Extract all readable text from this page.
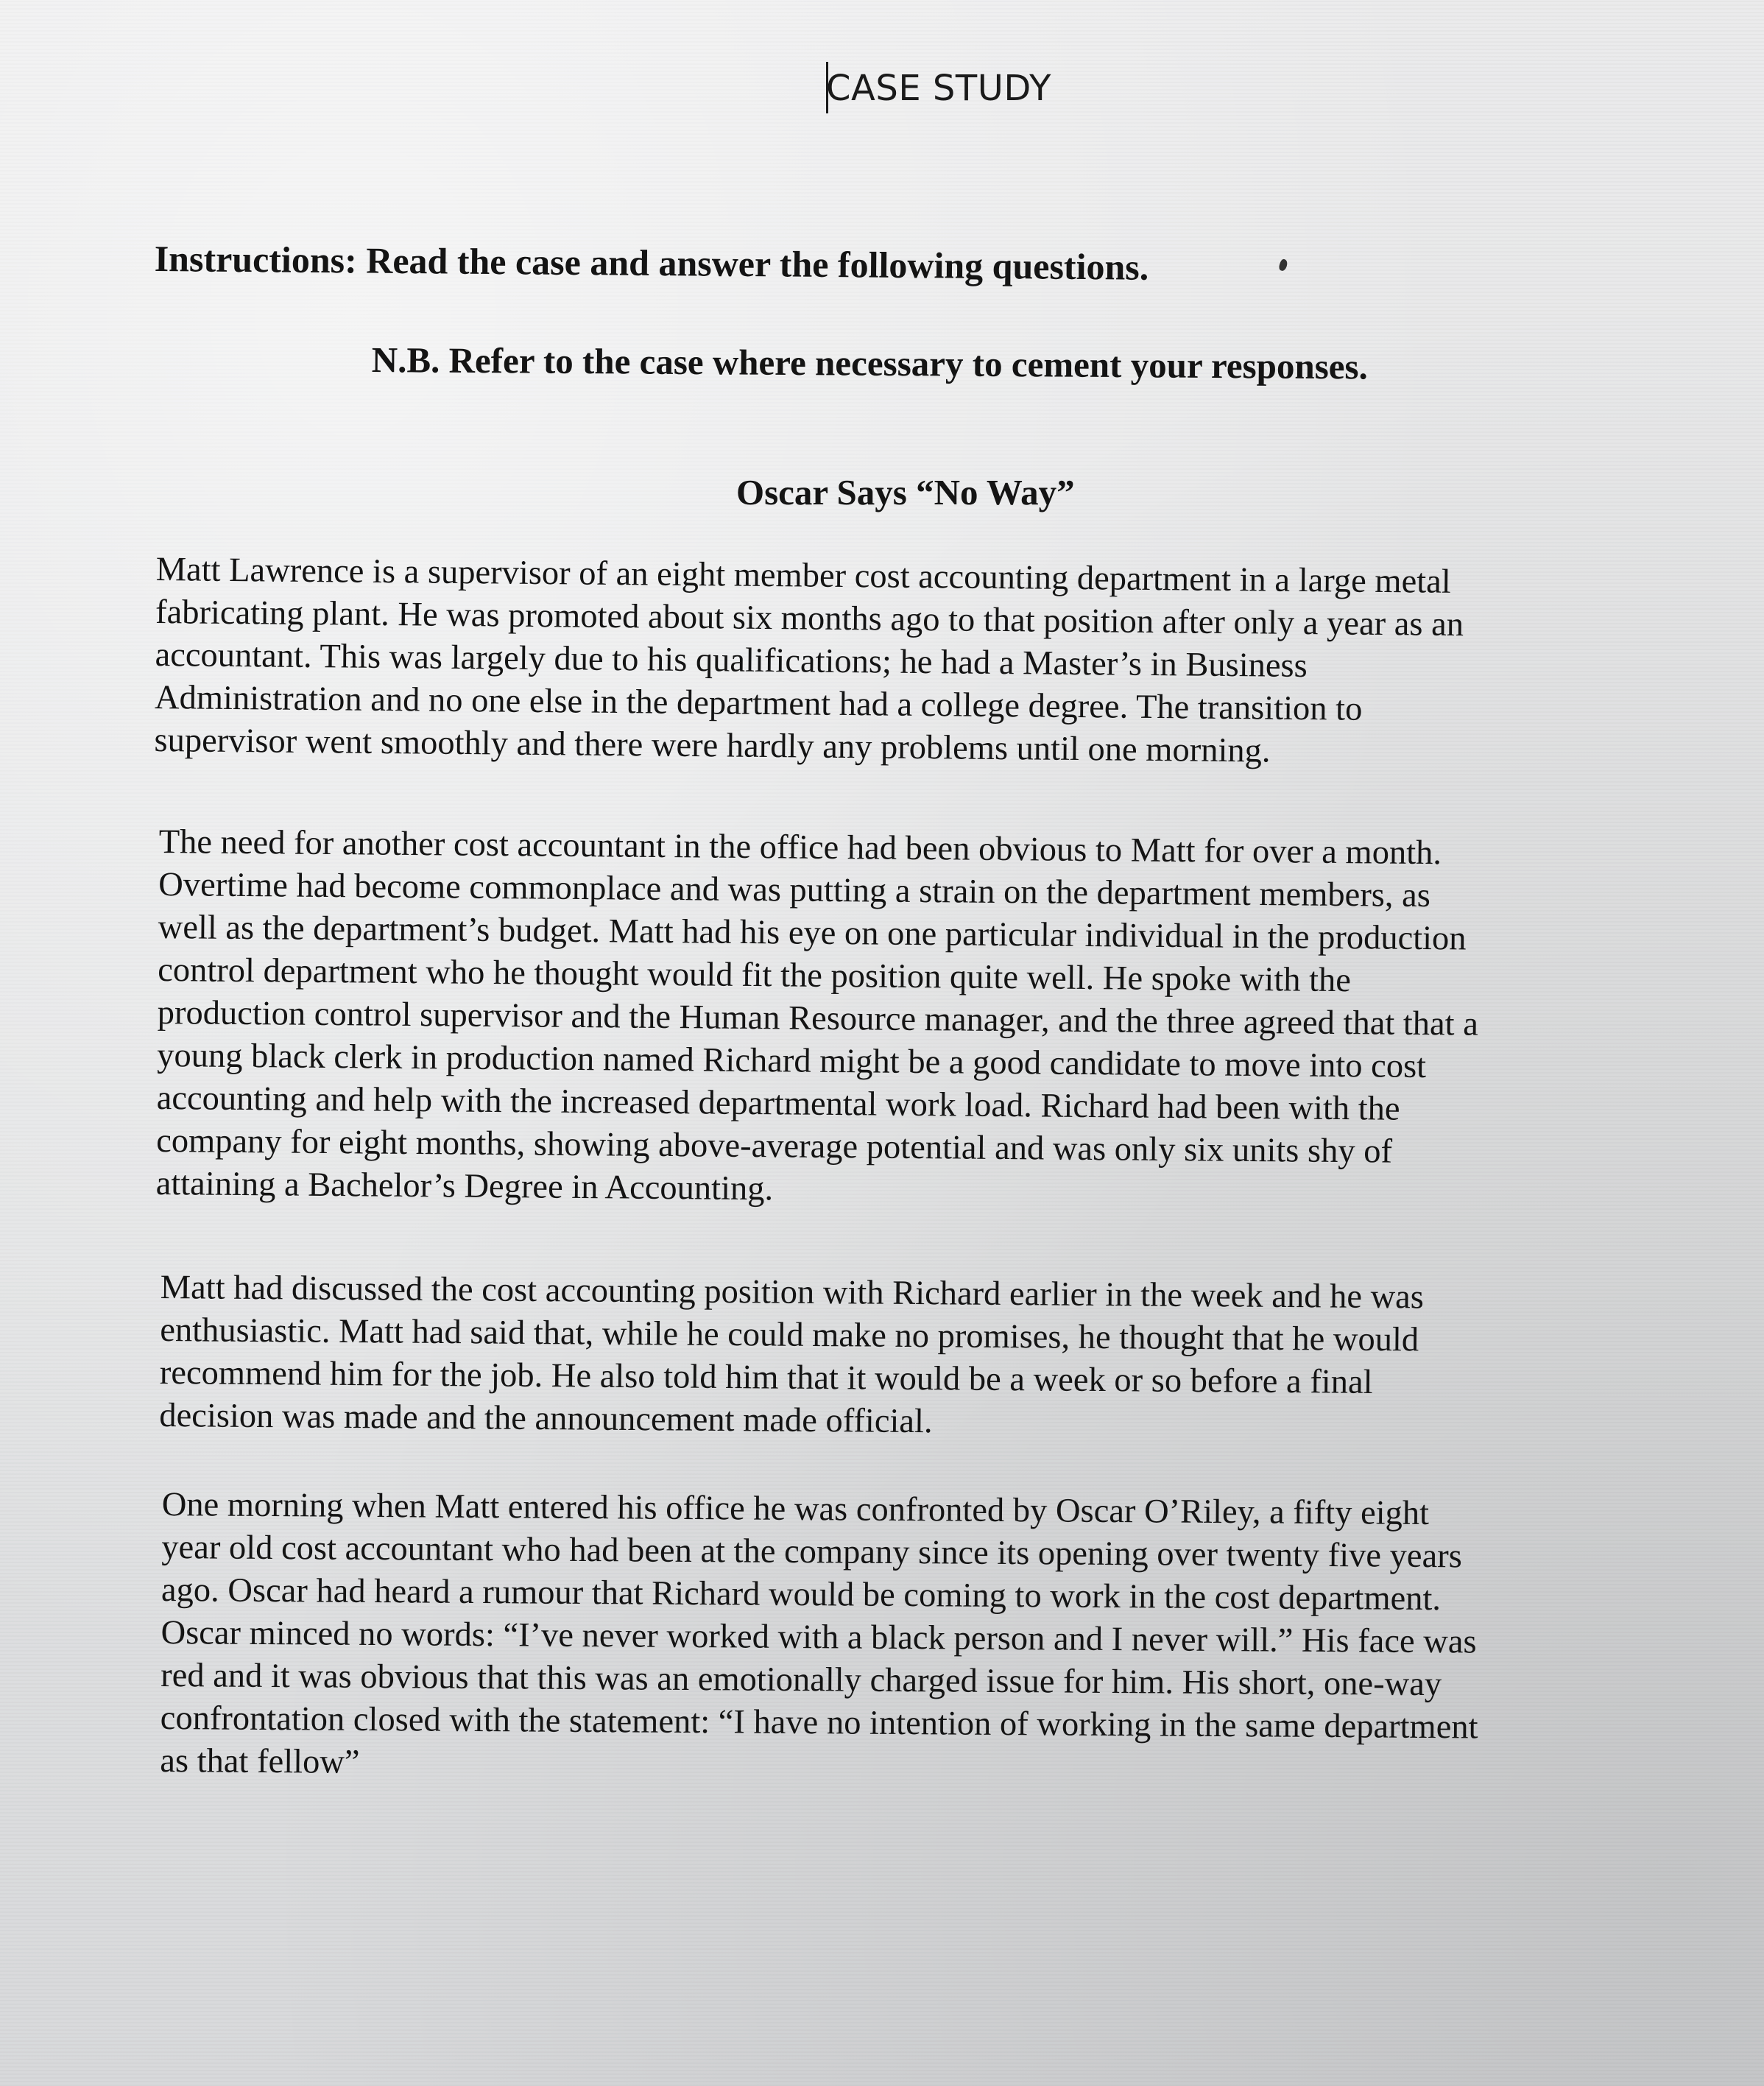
CASE STUDY
Instructions: Read the case and answer the following questions.
N.B. Refer to the case where necessary to cement your responses.
Oscar Says “No Way”
Matt Lawrence is a supervisor of an eight member cost accounting department in a large metal
fabricating plant. He was promoted about six months ago to that position after only a year as an
accountant. This was largely due to his qualifications; he had a Master’s in Business
Administration and no one else in the department had a college degree. The transition to
supervisor went smoothly and there were hardly any problems until one morning.
The need for another cost accountant in the office had been obvious to Matt for over a month.
Overtime had become commonplace and was putting a strain on the department members, as
well as the department’s budget. Matt had his eye on one particular individual in the production
control department who he thought would fit the position quite well. He spoke with the
production control supervisor and the Human Resource manager, and the three agreed that that a
young black clerk in production named Richard might be a good candidate to move into cost
accounting and help with the increased departmental work load. Richard had been with the
company for eight months, showing above-average potential and was only six units shy of
attaining a Bachelor’s Degree in Accounting.
Matt had discussed the cost accounting position with Richard earlier in the week and he was
enthusiastic. Matt had said that, while he could make no promises, he thought that he would
recommend him for the job. He also told him that it would be a week or so before a final
decision was made and the announcement made official.
One morning when Matt entered his office he was confronted by Oscar O’Riley, a fifty eight
year old cost accountant who had been at the company since its opening over twenty five years
ago. Oscar had heard a rumour that Richard would be coming to work in the cost department.
Oscar minced no words: “I’ve never worked with a black person and I never will.” His face was
red and it was obvious that this was an emotionally charged issue for him. His short, one-way
confrontation closed with the statement: “I have no intention of working in the same department
as that fellow”
